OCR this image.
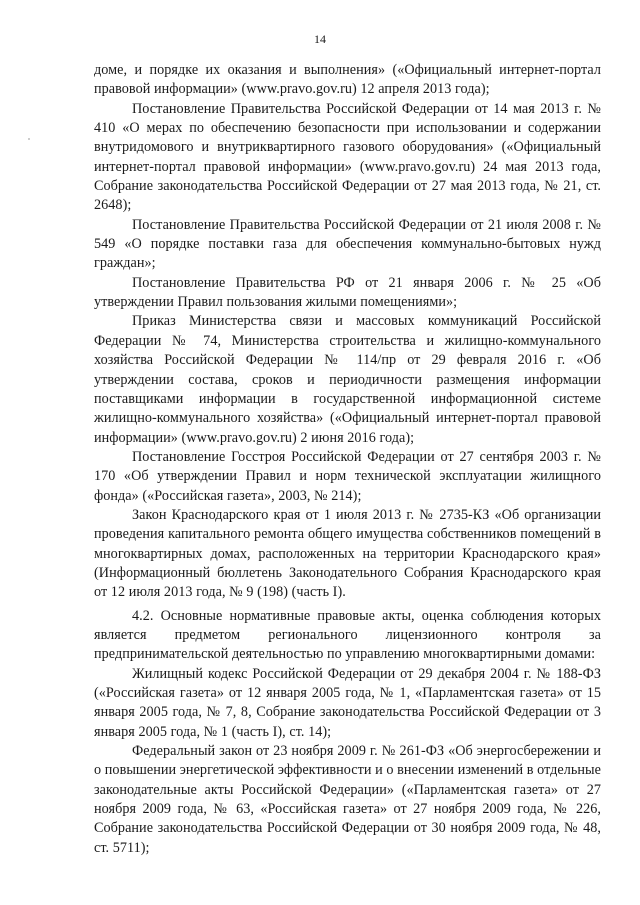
14

доме, и порядке их оказания и выполнения» («Официальный интернет-портал правовой информации» (www.pravo.gov.ru) 12 апреля 2013 года);

Постановление Правительства Российской Федерации от 14 мая 2013 г. № 410 «О мерах по обеспечению безопасности при использовании и содержании внутридомового и внутриквартирного газового оборудования» («Официальный интернет-портал правовой информации» (www.pravo.gov.ru) 24 мая 2013 года, Собрание законодательства Российской Федерации от 27 мая 2013 года, № 21, ст. 2648);

Постановление Правительства Российской Федерации от 21 июля 2008 г. № 549 «О порядке поставки газа для обеспечения коммунально-бытовых нужд граждан»;

Постановление Правительства РФ от 21 января 2006 г. № 25 «Об утверждении Правил пользования жилыми помещениями»;

Приказ Министерства связи и массовых коммуникаций Российской Федерации № 74, Министерства строительства и жилищно-коммунального хозяйства Российской Федерации № 114/пр от 29 февраля 2016 г. «Об утверждении состава, сроков и периодичности размещения информации поставщиками информации в государственной информационной системе жилищно-коммунального хозяйства» («Официальный интернет-портал правовой информации» (www.pravo.gov.ru) 2 июня 2016 года);

Постановление Госстроя Российской Федерации от 27 сентября 2003 г. № 170 «Об утверждении Правил и норм технической эксплуатации жилищного фонда» («Российская газета», 2003, № 214);

Закон Краснодарского края от 1 июля 2013 г. № 2735-КЗ «Об организации проведения капитального ремонта общего имущества собственников помещений в многоквартирных домах, расположенных на территории Краснодарского края» (Информационный бюллетень Законодательного Собрания Краснодарского края от 12 июля 2013 года, № 9 (198) (часть I).

4.2. Основные нормативные правовые акты, оценка соблюдения которых является предметом регионального лицензионного контроля за предпринимательской деятельностью по управлению многоквартирными домами:

Жилищный кодекс Российской Федерации от 29 декабря 2004 г. № 188-ФЗ («Российская газета» от 12 января 2005 года, № 1, «Парламентская газета» от 15 января 2005 года, № 7, 8, Собрание законодательства Российской Федерации от 3 января 2005 года, № 1 (часть I), ст. 14);

Федеральный закон от 23 ноября 2009 г. № 261-ФЗ «Об энергосбережении и о повышении энергетической эффективности и о внесении изменений в отдельные законодательные акты Российской Федерации» («Парламентская газета» от 27 ноября 2009 года, № 63, «Российская газета» от 27 ноября 2009 года, № 226, Собрание законодательства Российской Федерации от 30 ноября 2009 года, № 48, ст. 5711);
